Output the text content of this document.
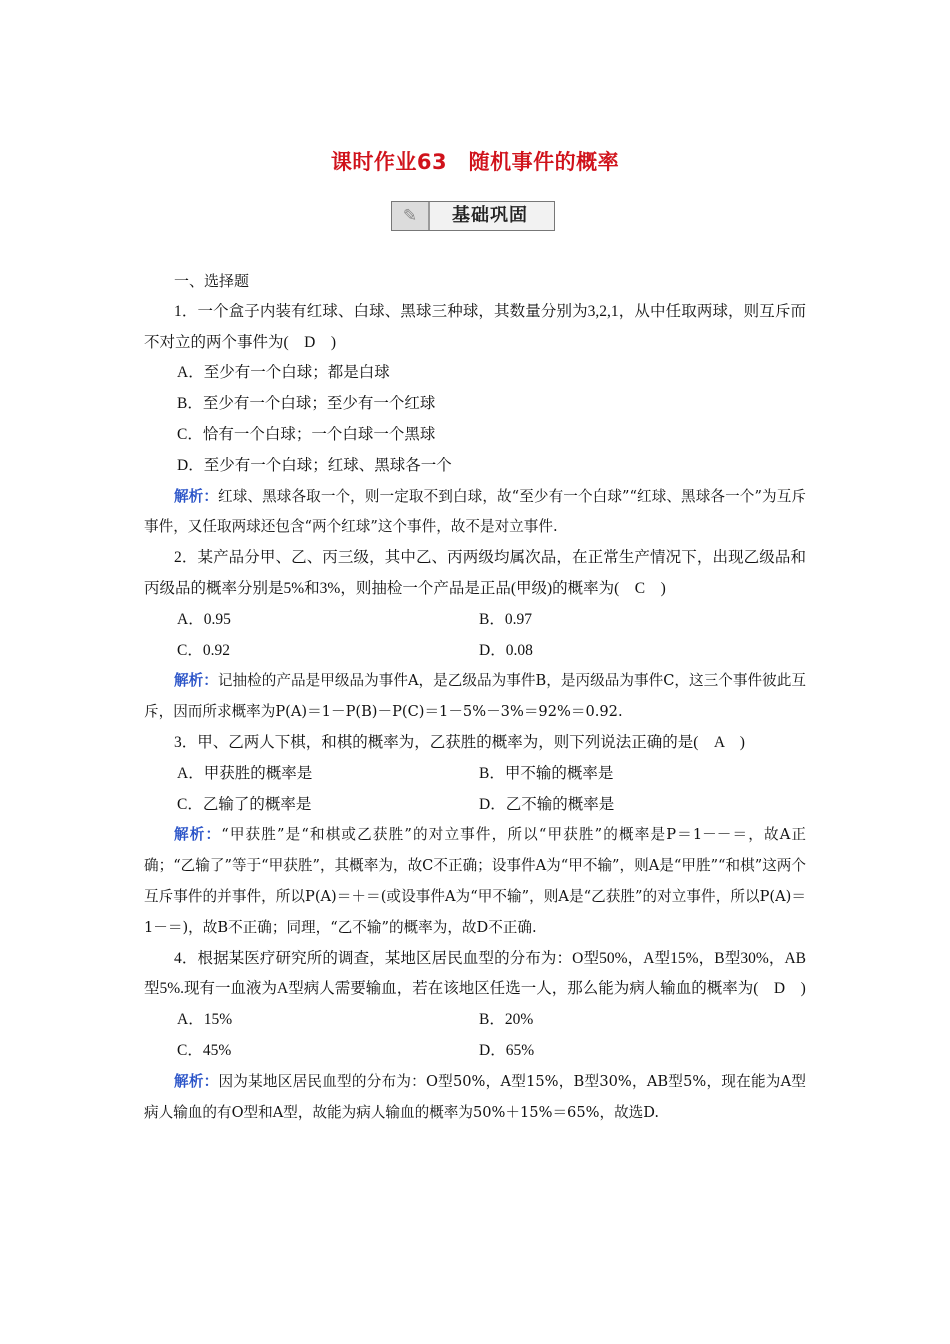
课时作业63　随机事件的概率
✎	基础巩固

一、选择题

1．一个盒子内装有红球、白球、黑球三种球，其数量分别为3,2,1，从中任取两球，则互斥而不对立的两个事件为(　D　)

A．至少有一个白球；都是白球

B．至少有一个白球；至少有一个红球

C．恰有一个白球；一个白球一个黑球

D．至少有一个白球；红球、黑球各一个

解析：红球、黑球各取一个，则一定取不到白球，故“至少有一个白球”“红球、黑球各一个”为互斥事件，又任取两球还包含“两个红球”这个事件，故不是对立事件.

2．某产品分甲、乙、丙三级，其中乙、丙两级均属次品，在正常生产情况下，出现乙级品和丙级品的概率分别是5%和3%，则抽检一个产品是正品(甲级)的概率为(　C　)

A．0.95	B．0.97
C．0.92	D．0.08

解析：记抽检的产品是甲级品为事件A，是乙级品为事件B，是丙级品为事件C，这三个事件彼此互斥，因而所求概率为P(A)＝1－P(B)－P(C)＝1－5%－3%＝92%＝0.92.

3．甲、乙两人下棋，和棋的概率为，乙获胜的概率为，则下列说法正确的是(　A　)

A．甲获胜的概率是	B．甲不输的概率是
C．乙输了的概率是	D．乙不输的概率是

解析：“甲获胜”是“和棋或乙获胜”的对立事件，所以“甲获胜”的概率是P＝1－－＝，故A正确；“乙输了”等于“甲获胜”，其概率为，故C不正确；设事件A为“甲不输”，则A是“甲胜”“和棋”这两个互斥事件的并事件，所以P(A)＝＋＝(或设事件A为“甲不输”，则A是“乙获胜”的对立事件，所以P(A)＝1－＝)，故B不正确；同理，“乙不输”的概率为，故D不正确.

4．根据某医疗研究所的调查，某地区居民血型的分布为：O型50%，A型15%，B型30%，AB型5%.现有一血液为A型病人需要输血，若在该地区任选一人，那么能为病人输血的概率为(　D　)

A．15%	B．20%
C．45%	D．65%

解析：因为某地区居民血型的分布为：O型50%，A型15%，B型30%，AB型5%，现在能为A型病人输血的有O型和A型，故能为病人输血的概率为50%＋15%＝65%，故选D.
